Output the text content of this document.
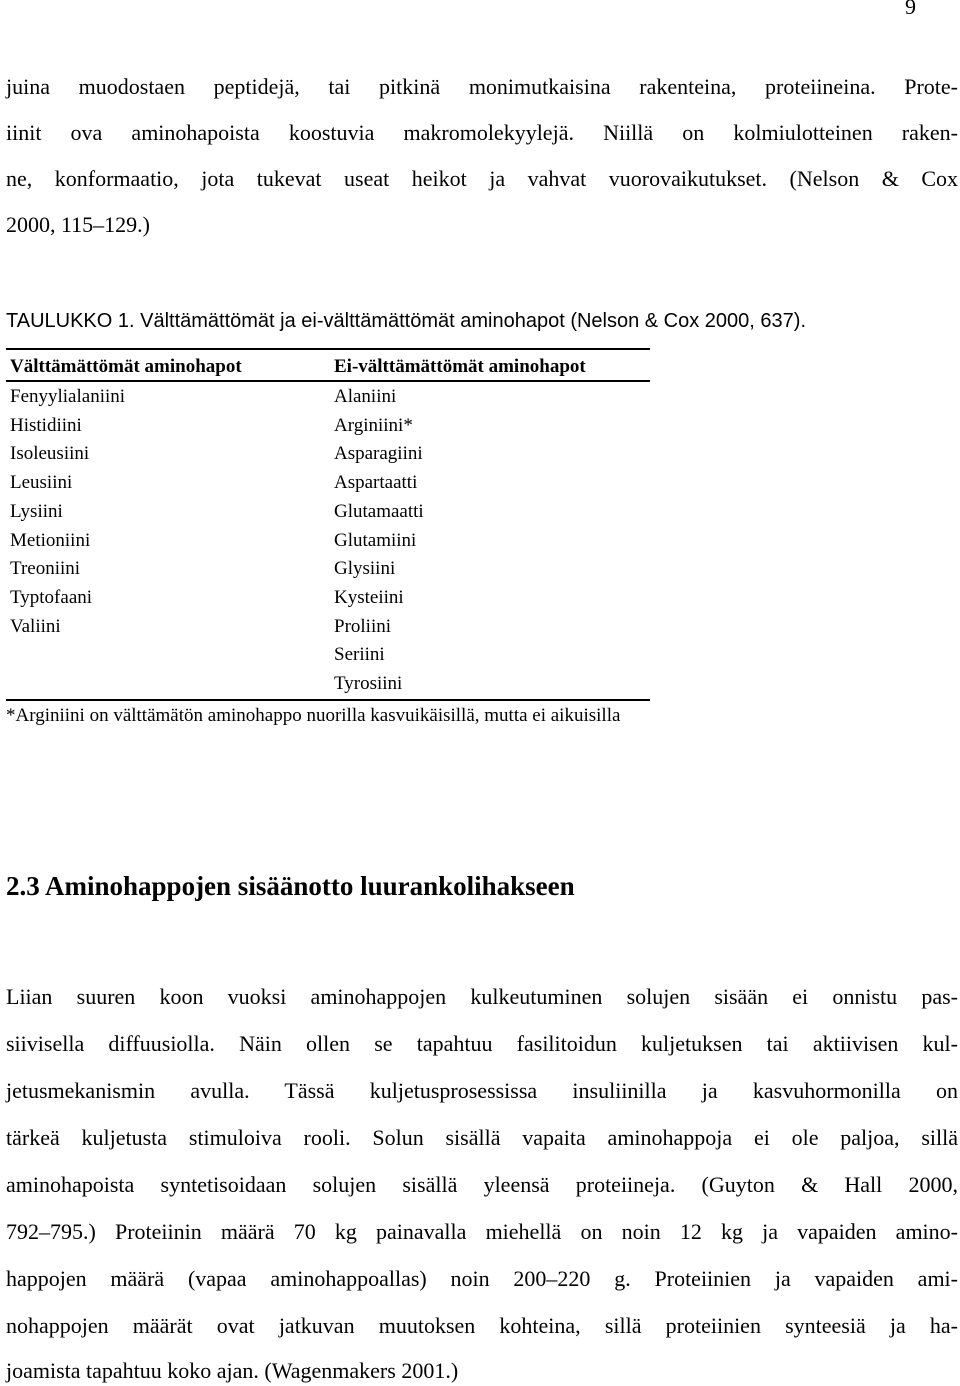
9
juina muodostaen peptidejä, tai pitkinä monimutkaisina rakenteina, proteiineina. Prote-
iinit ova aminohapoista koostuvia makromolekyylejä. Niillä on kolmiulotteinen raken-
ne, konformaatio, jota tukevat useat heikot ja vahvat vuorovaikutukset. (Nelson & Cox
2000, 115–129.)
TAULUKKO 1. Välttämättömät ja ei-välttämättömät aminohapot (Nelson & Cox 2000, 637).
Välttämättömät aminohapot	Ei-välttämättömät aminohapot
Fenyylialaniini
Histidiini
Isoleusiini
Leusiini
Lysiini
Metioniini
Treoniini
Typtofaani
Valiini
Alaniini
Arginiini*
Asparagiini
Aspartaatti
Glutamaatti
Glutamiini
Glysiini
Kysteiini
Proliini
Seriini
Tyrosiini
*Arginiini on välttämätön aminohappo nuorilla kasvuikäisillä, mutta ei aikuisilla
2.3 Aminohappojen sisäänotto luurankolihakseen
Liian suuren koon vuoksi aminohappojen kulkeutuminen solujen sisään ei onnistu pas-
siivisella diffuusiolla. Näin ollen se tapahtuu fasilitoidun kuljetuksen tai aktiivisen kul-
jetusmekanismin avulla. Tässä kuljetusprosessissa insuliinilla ja kasvuhormonilla on
tärkeä kuljetusta stimuloiva rooli. Solun sisällä vapaita aminohappoja ei ole paljoa, sillä
aminohapoista syntetisoidaan solujen sisällä yleensä proteiineja. (Guyton & Hall 2000,
792–795.) Proteiinin määrä 70 kg painavalla miehellä on noin 12 kg ja vapaiden amino-
happojen määrä (vapaa aminohappoallas) noin 200–220 g. Proteiinien ja vapaiden ami-
nohappojen määrät ovat jatkuvan muutoksen kohteina, sillä proteiinien synteesiä ja ha-
joamista tapahtuu koko ajan. (Wagenmakers 2001.)
